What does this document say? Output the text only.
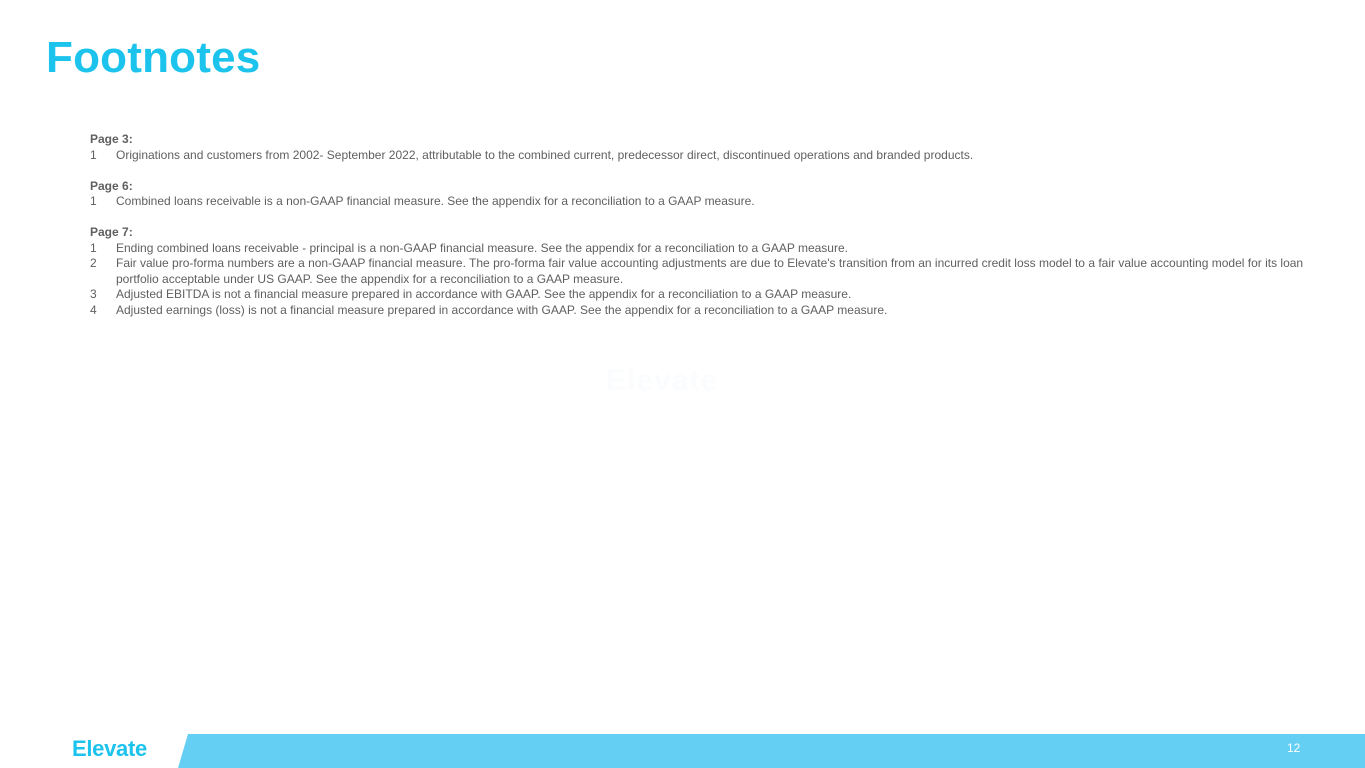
Footnotes
Page 3:
1	Originations and customers from 2002- September 2022, attributable to the combined current, predecessor direct, discontinued operations and branded products.
Page 6:
1	Combined loans receivable is a non-GAAP financial measure. See the appendix for a reconciliation to a GAAP measure.
Page 7:
1	Ending combined loans receivable - principal is a non-GAAP financial measure. See the appendix for a reconciliation to a GAAP measure.
2	Fair value pro-forma numbers are a non-GAAP financial measure. The pro-forma fair value accounting adjustments are due to Elevate's transition from an incurred credit loss model to a fair value accounting model for its loan portfolio acceptable under US GAAP. See the appendix for a reconciliation to a GAAP measure.
3	Adjusted EBITDA is not a financial measure prepared in accordance with GAAP. See the appendix for a reconciliation to a GAAP measure.
4	Adjusted earnings (loss) is not a financial measure prepared in accordance with GAAP. See the appendix for a reconciliation to a GAAP measure.
Elevate
Elevate	12
